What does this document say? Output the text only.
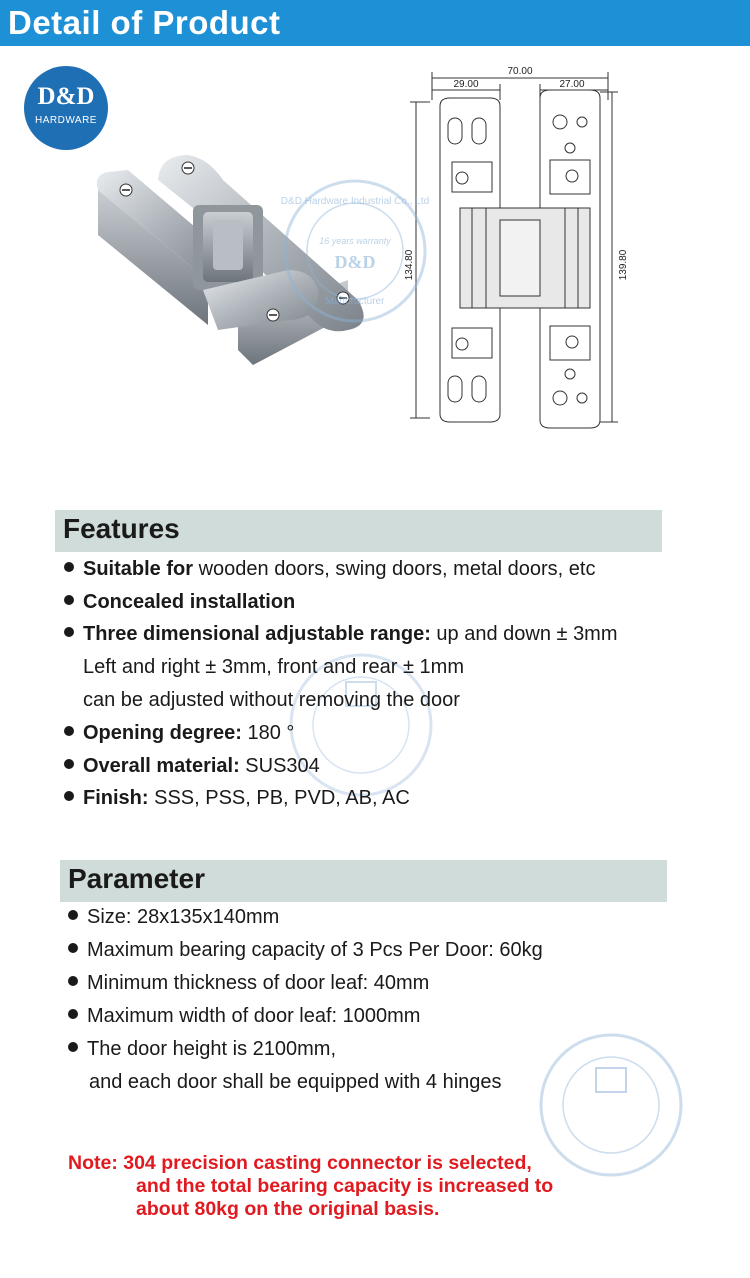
Detail of Product
D&D
HARDWARE
70.00
29.00	27.00
134.80	139.80
D&D Hardware Industrial Co., Ltd
16 years warranty
D&D
Manufacturer
Features
Suitable for wooden doors, swing doors, metal doors, etc
Concealed installation
Three dimensional adjustable range: up and down ± 3mm
Left and right ± 3mm, front and rear ± 1mm
can be adjusted without removing the door
Opening degree: 180 °
Overall material: SUS304
Finish: SSS, PSS, PB, PVD, AB, AC
Parameter
Size: 28x135x140mm
Maximum bearing capacity of 3 Pcs Per Door: 60kg
Minimum thickness of door leaf: 40mm
Maximum width of door leaf: 1000mm
The door height is 2100mm,
and each door shall be equipped with 4 hinges
Note: 304 precision casting connector is selected,
and the total bearing capacity is increased to
about 80kg on the original basis.
